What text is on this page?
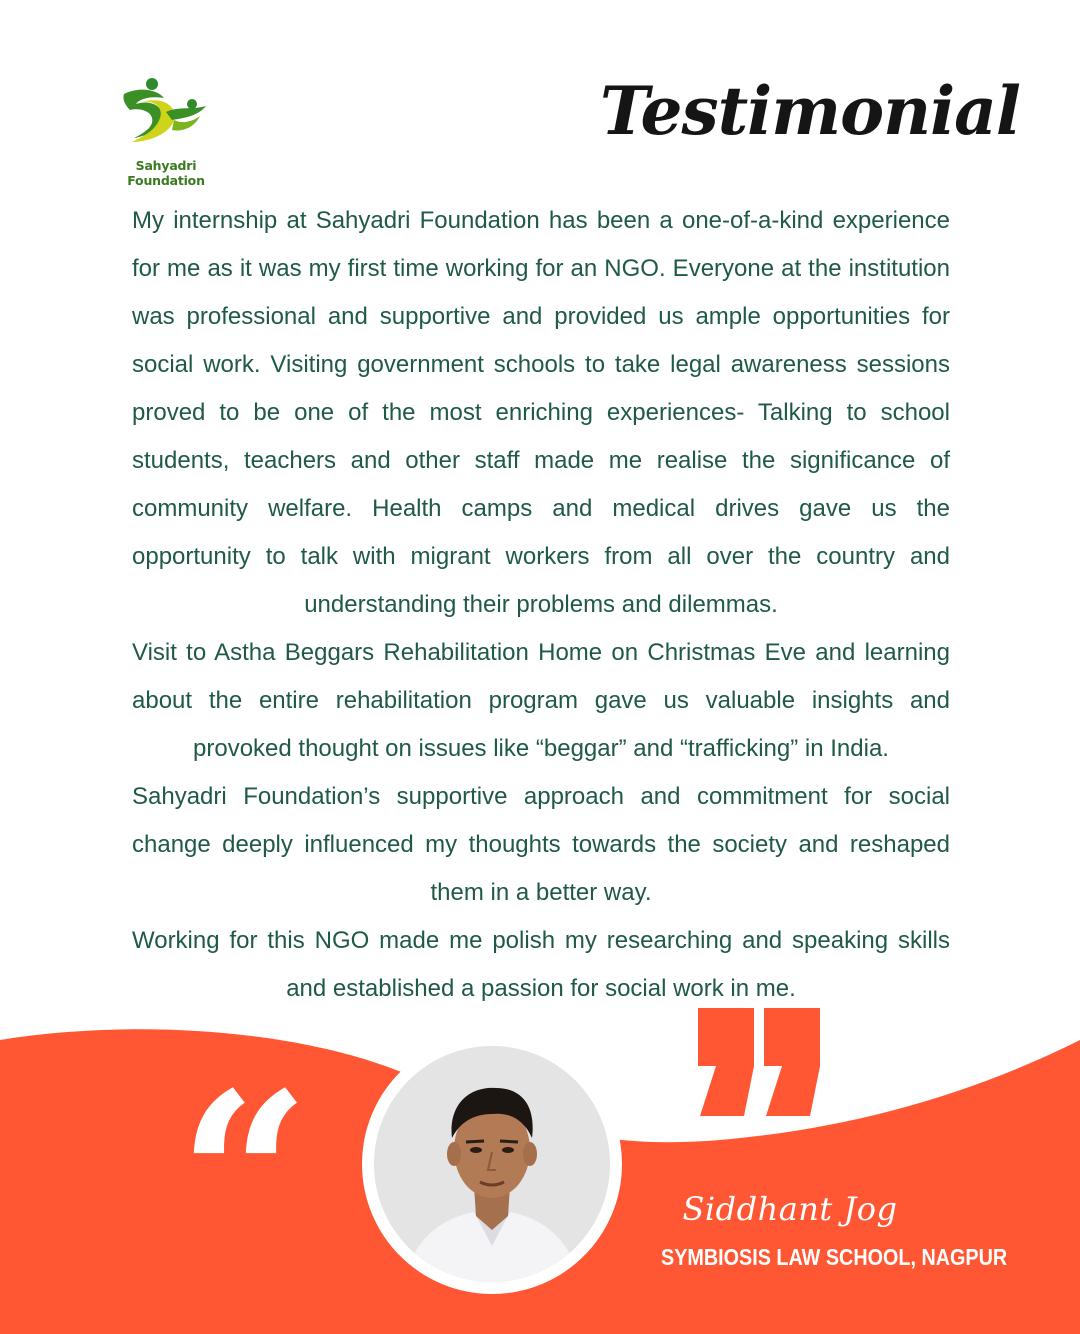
Sahyadri Foundation
Testimonial

My internship at Sahyadri Foundation has been a one-of-a-kind experience for me as it was my first time working for an NGO. Everyone at the institution was professional and supportive and provided us ample opportunities for social work. Visiting government schools to take legal awareness sessions proved to be one of the most enriching experiences- Talking to school students, teachers and other staff made me realise the significance of community welfare. Health camps and medical drives gave us the opportunity to talk with migrant workers from all over the country and understanding their problems and dilemmas.

Visit to Astha Beggars Rehabilitation Home on Christmas Eve and learning about the entire rehabilitation program gave us valuable insights and provoked thought on issues like “beggar” and “trafficking” in India.

Sahyadri Foundation’s supportive approach and commitment for social change deeply influenced my thoughts towards the society and reshaped them in a better way.

Working for this NGO made me polish my researching and speaking skills and established a passion for social work in me.

“	Siddhant Jog
SYMBIOSIS LAW SCHOOL, NAGPUR
